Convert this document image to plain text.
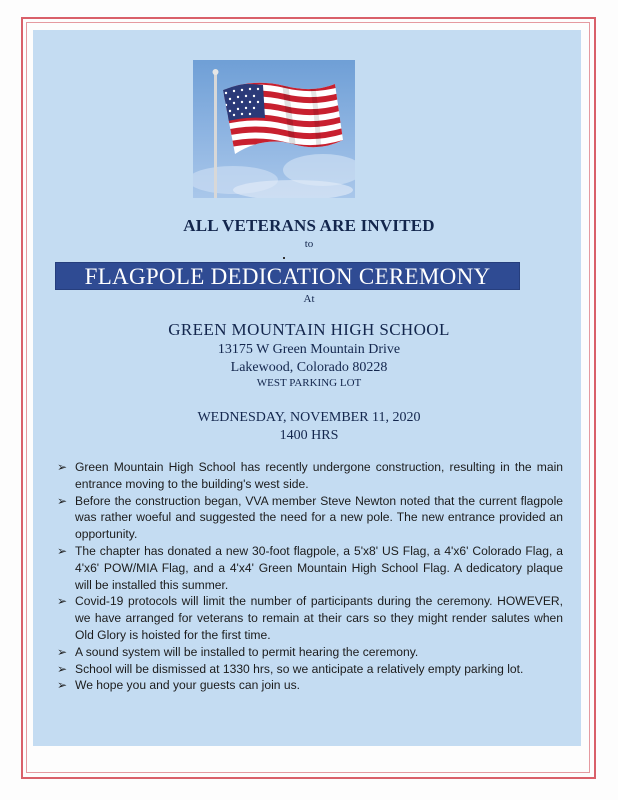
ALL VETERANS ARE INVITED
to
FLAGPOLE DEDICATION CEREMONY
At
GREEN MOUNTAIN HIGH SCHOOL
13175 W Green Mountain Drive
Lakewood, Colorado 80228
WEST PARKING LOT
WEDNESDAY, NOVEMBER 11, 2020
1400 HRS
➢ Green Mountain High School has recently undergone construction, resulting in the main entrance moving to the building's west side.
➢ Before the construction began, VVA member Steve Newton noted that the current flagpole was rather woeful and suggested the need for a new pole. The new entrance provided an opportunity.
➢ The chapter has donated a new 30-foot flagpole, a 5'x8' US Flag, a 4'x6' Colorado Flag, a 4'x6' POW/MIA Flag, and a 4'x4' Green Mountain High School Flag. A dedicatory plaque will be installed this summer.
➢ Covid-19 protocols will limit the number of participants during the ceremony. HOWEVER, we have arranged for veterans to remain at their cars so they might render salutes when Old Glory is hoisted for the first time.
➢ A sound system will be installed to permit hearing the ceremony.
➢ School will be dismissed at 1330 hrs, so we anticipate a relatively empty parking lot.
➢ We hope you and your guests can join us.
